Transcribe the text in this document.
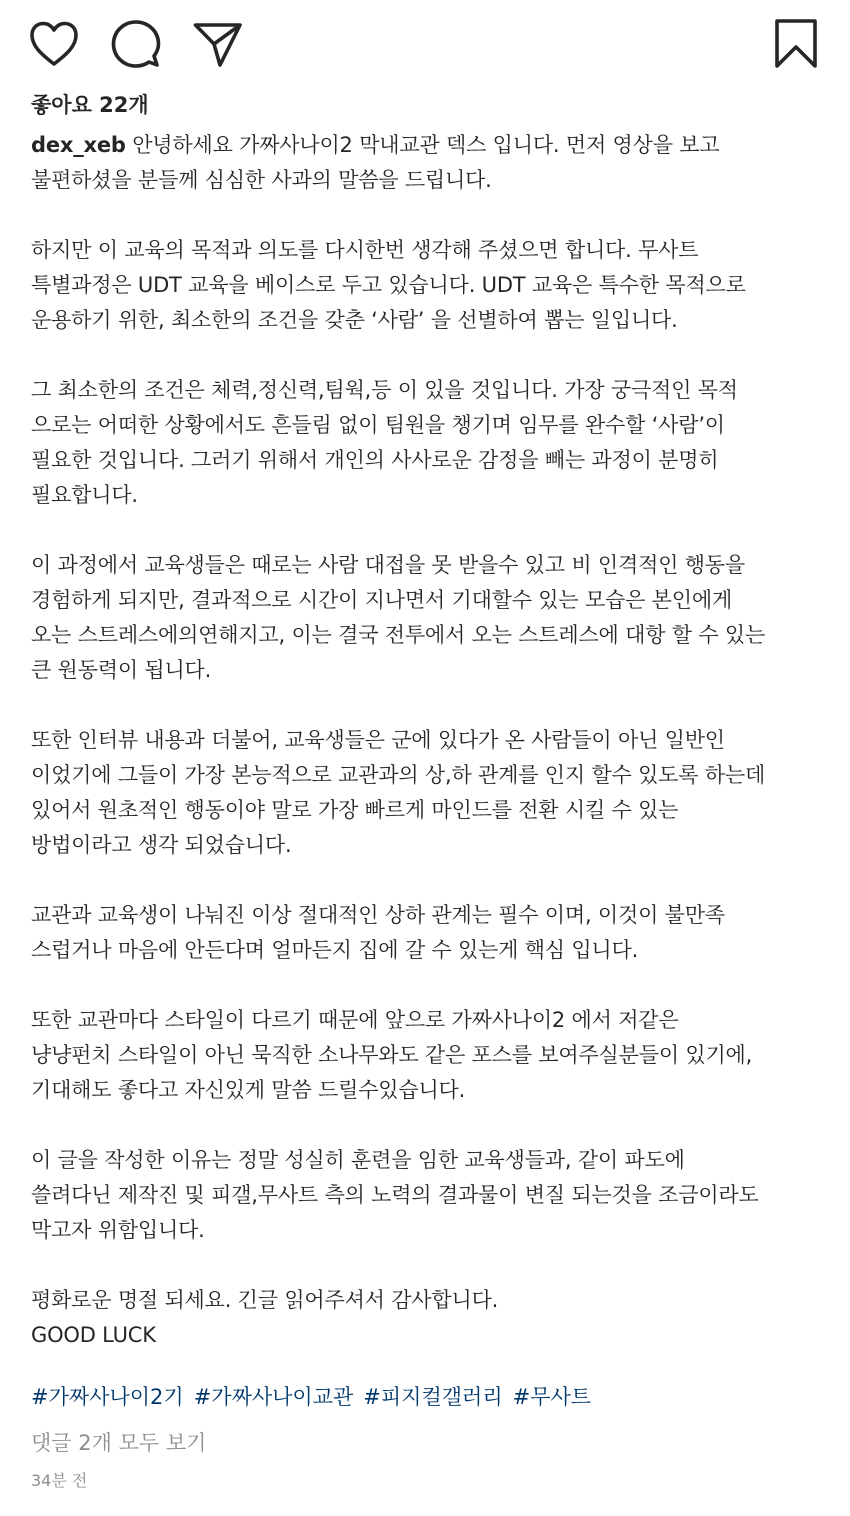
좋아요 22개
dex_xeb 안녕하세요 가짜사나이2 막내교관 덱스 입니다. 먼저 영상을 보고
불편하셨을 분들께 심심한 사과의 말씀을 드립니다.
하지만 이 교육의 목적과 의도를 다시한번 생각해 주셨으면 합니다. 무사트
특별과정은 UDT 교육을 베이스로 두고 있습니다. UDT 교육은 특수한 목적으로
운용하기 위한, 최소한의 조건을 갖춘 ‘사람’ 을 선별하여 뽑는 일입니다.
그 최소한의 조건은 체력,정신력,팀웍,등 이 있을 것입니다. 가장 궁극적인 목적
으로는 어떠한 상황에서도 흔들림 없이 팀원을 챙기며 임무를 완수할 ‘사람’이
필요한 것입니다. 그러기 위해서 개인의 사사로운 감정을 빼는 과정이 분명히
필요합니다.
이 과정에서 교육생들은 때로는 사람 대접을 못 받을수 있고 비 인격적인 행동을
경험하게 되지만, 결과적으로 시간이 지나면서 기대할수 있는 모습은 본인에게
오는 스트레스에의연해지고, 이는 결국 전투에서 오는 스트레스에 대항 할 수 있는
큰 원동력이 됩니다.
또한 인터뷰 내용과 더불어, 교육생들은 군에 있다가 온 사람들이 아닌 일반인
이었기에 그들이 가장 본능적으로 교관과의 상,하 관계를 인지 할수 있도록 하는데
있어서 원초적인 행동이야 말로 가장 빠르게 마인드를 전환 시킬 수 있는
방법이라고 생각 되었습니다.
교관과 교육생이 나눠진 이상 절대적인 상하 관계는 필수 이며, 이것이 불만족
스럽거나 마음에 안든다며 얼마든지 집에 갈 수 있는게 핵심 입니다.
또한 교관마다 스타일이 다르기 때문에 앞으로 가짜사나이2 에서 저같은
냥냥펀치 스타일이 아닌 묵직한 소나무와도 같은 포스를 보여주실분들이 있기에,
기대해도 좋다고 자신있게 말씀 드릴수있습니다.
이 글을 작성한 이유는 정말 성실히 훈련을 임한 교육생들과, 같이 파도에
쓸려다닌 제작진 및 피갤,무사트 측의 노력의 결과물이 변질 되는것을 조금이라도
막고자 위함입니다.
평화로운 명절 되세요. 긴글 읽어주셔서 감사합니다.
GOOD LUCK
#가짜사나이2기 #가짜사나이교관 #피지컬갤러리 #무사트
댓글 2개 모두 보기
34분 전
